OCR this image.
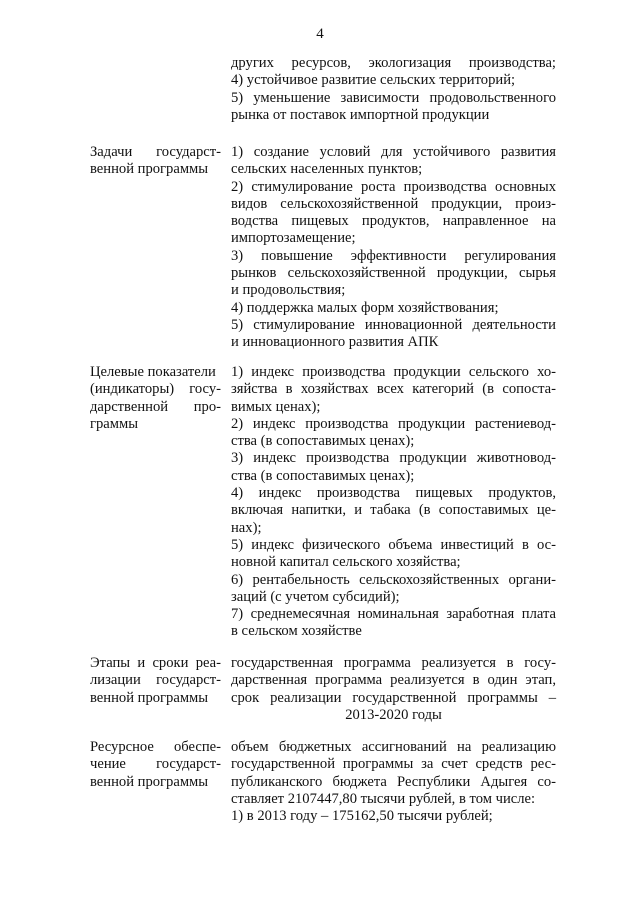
4
других ресурсов, экологизация производства;
4) устойчивое развитие сельских территорий;
5) уменьшение зависимости продовольственного
рынка от поставок импортной продукции
Задачи государст-
венной программы
1) создание условий для устойчивого развития
сельских населенных пунктов;
2) стимулирование роста производства основных
видов сельскохозяйственной продукции, произ-
водства пищевых продуктов, направленное на
импортозамещение;
3) повышение эффективности регулирования
рынков сельскохозяйственной продукции, сырья
и продовольствия;
4) поддержка малых форм хозяйствования;
5) стимулирование инновационной деятельности
и инновационного развития АПК
Целевые показатели
(индикаторы) госу-
дарственной про-
граммы
1) индекс производства продукции сельского хо-
зяйства в хозяйствах всех категорий (в сопоста-
вимых ценах);
2) индекс производства продукции растениевод-
ства (в сопоставимых ценах);
3) индекс производства продукции животновод-
ства (в сопоставимых ценах);
4) индекс производства пищевых продуктов,
включая напитки, и табака (в сопоставимых це-
нах);
5) индекс физического объема инвестиций в ос-
новной капитал сельского хозяйства;
6) рентабельность сельскохозяйственных органи-
заций (с учетом субсидий);
7) среднемесячная номинальная заработная плата
в сельском хозяйстве
Этапы и сроки реа-
лизации государст-
венной программы
государственная программа реализуется в госу-
дарственная программа реализуется в один этап,
срок реализации государственной программы –
2013-2020 годы
Ресурсное обеспе-
чение государст-
венной программы
объем бюджетных ассигнований на реализацию
государственной программы за счет средств рес-
публиканского бюджета Республики Адыгея со-
ставляет 2107447,80 тысячи рублей, в том числе:
1) в 2013 году – 175162,50 тысячи рублей;
